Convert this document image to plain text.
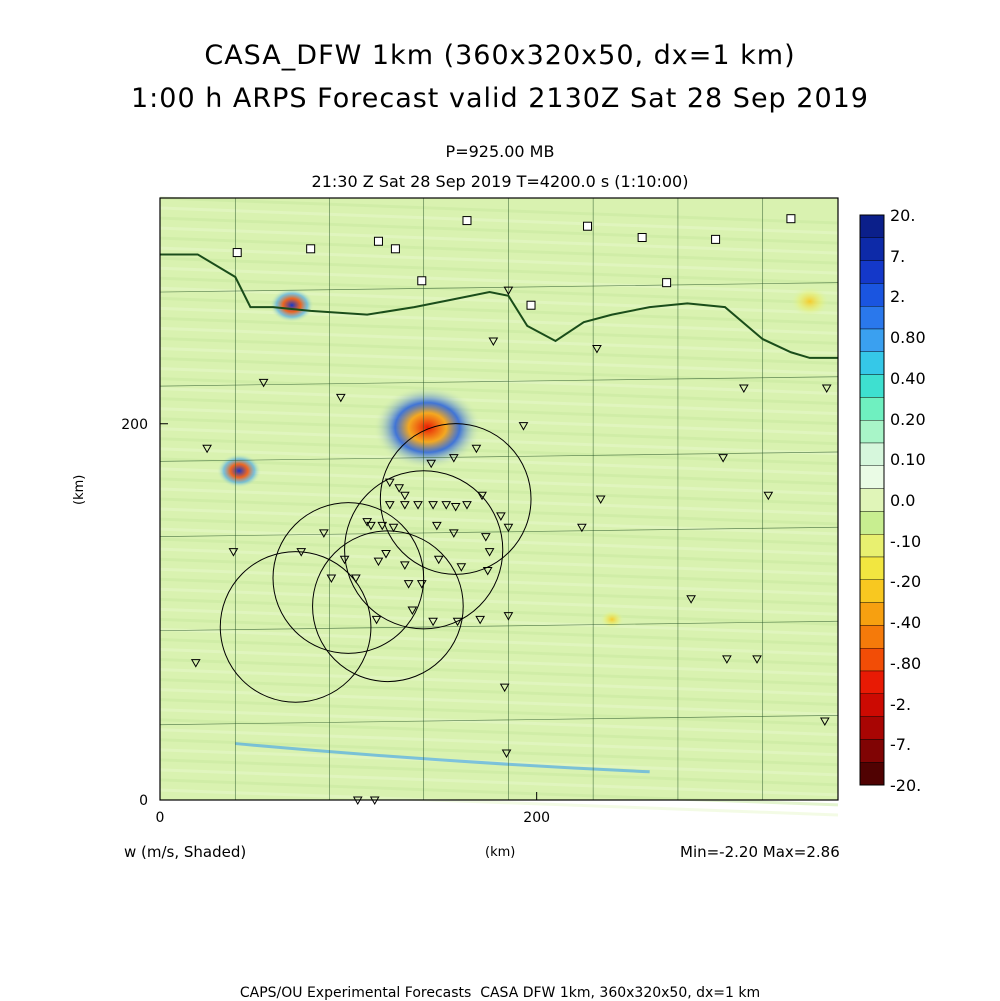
CASA_DFW 1km (360x320x50, dx=1 km)
1:00 h ARPS Forecast valid 2130Z Sat 28 Sep 2019
P=925.00 MB
21:30 Z Sat 28 Sep 2019 T=4200.0 s (1:10:00)
0	200
0
200
w (m/s, Shaded)	(km)
(km)
Min=-2.20 Max=2.86
CAPS/OU Experimental Forecasts  CASA DFW 1km, 360x320x50, dx=1 km
20.
7.
2.
0.80
0.40
0.20
0.10
0.0
-.10
-.20
-.40
-.80
-2.
-7.
-20.
